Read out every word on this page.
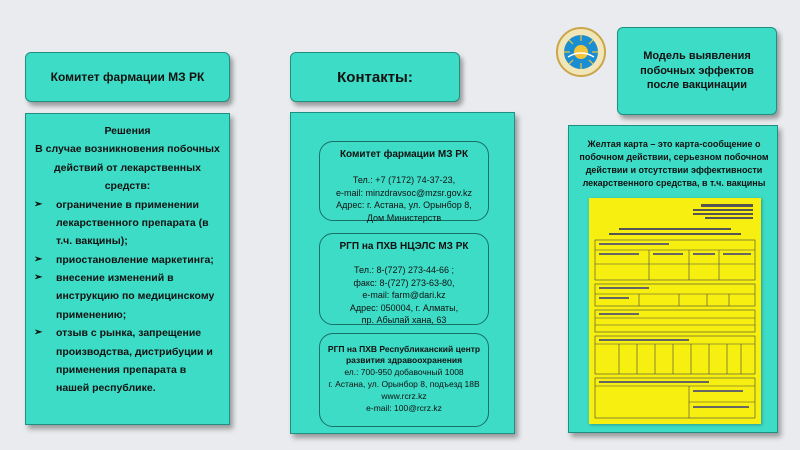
Комитет фармации МЗ РК	Контакты:
Модель выявления побочных эффектов после вакцинации
Решения
В случае возникновения побочных действий от лекарственных средств:
➢ ограничение в применении лекарственного препарата (в т.ч. вакцины);
➢ приостановление маркетинга;
➢ внесение изменений в инструкцию по медицинскому применению;
➢ отзыв с рынка, запрещение производства, дистрибуции и применения препарата в нашей республике.
Комитет фармации МЗ РК
Тел.: +7 (7172) 74-37-23,
e-mail: minzdravsoc@mzsr.gov.kz
Адрес: г. Астана, ул. Орынбор 8,
Дом Министерств
РГП на ПХВ НЦЭЛС МЗ РК
Тел.: 8-(727) 273-44-66 ;
факс: 8-(727) 273-63-80,
e-mail: farm@dari.kz
Адрес: 050004, г. Алматы,
пр. Абылай хана, 63
РГП на ПХВ Республиканский центр развития здравоохранения
ел.: 700-950 добавочный 1008
г. Астана, ул. Орынбор 8, подъезд 18В
www.rcrz.kz
e-mail: 100@rcrz.kz
Желтая карта – это карта-сообщение о побочном действии, серьезном побочном действии и отсутствии эффективности лекарственного средства, в т.ч. вакцины
